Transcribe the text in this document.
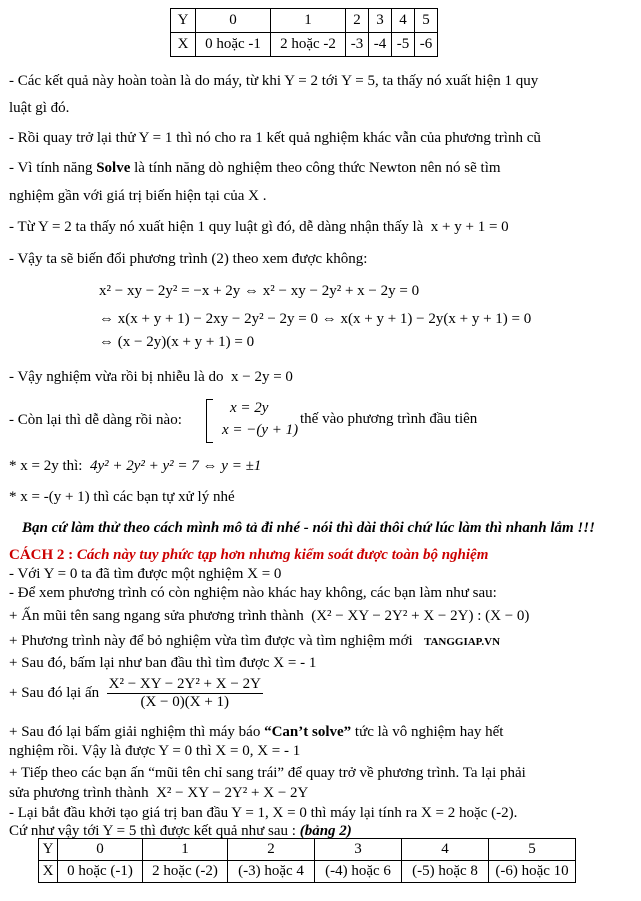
Y	0	1	2	3	4	5
X	0 hoặc -1	2 hoặc -2	-3	-4	-5	-6
- Các kết quả này hoàn toàn là do máy, từ khi Y = 2 tới Y = 5, ta thấy nó xuất hiện 1 quy
luật gì đó.
- Rồi quay trở lại thử Y = 1 thì nó cho ra 1 kết quả nghiệm khác vẫn của phương trình cũ
- Vì tính năng Solve là tính năng dò nghiệm theo công thức Newton nên nó sẽ tìm
nghiệm gần với giá trị biến hiện tại của X .
- Từ Y = 2 ta thấy nó xuất hiện 1 quy luật gì đó, dễ dàng nhận thấy là x + y + 1 = 0
- Vậy ta sẽ biến đổi phương trình (2) theo xem được không:
x² − xy − 2y² = −x + 2y ⇔ x² − xy − 2y² + x − 2y = 0
⇔ x(x + y + 1) − 2xy − 2y² − 2y = 0 ⇔ x(x + y + 1) − 2y(x + y + 1) = 0
⇔ (x − 2y)(x + y + 1) = 0
- Vậy nghiệm vừa rồi bị nhiễu là do x − 2y = 0
- Còn lại thì dễ dàng rồi nào:
x = 2y
x = −(y + 1)
thế vào phương trình đầu tiên
* x = 2y thì: 4y² + 2y² + y² = 7 ⇔ y = ±1
* x = -(y + 1) thì các bạn tự xử lý nhé
Bạn cứ làm thử theo cách mình mô tả đi nhé - nói thì dài thôi chứ lúc làm thì nhanh lắm !!!
CÁCH 2 : Cách này tuy phức tạp hơn nhưng kiểm soát được toàn bộ nghiệm
- Với Y = 0 ta đã tìm được một nghiệm X = 0
- Để xem phương trình có còn nghiệm nào khác hay không, các bạn làm như sau:
+ Ấn mũi tên sang ngang sửa phương trình thành (X² − XY − 2Y² + X − 2Y) : (X − 0)
+ Phương trình này để bỏ nghiệm vừa tìm được và tìm nghiệm mới TANGGIAP.VN
+ Sau đó, bấm lại như ban đầu thì tìm được X = - 1
+ Sau đó lại ấn $\frac{\text{X² − XY − 2Y² + X − 2Y}}{(X - 0)(X + 1)}$
+ Sau đó lại bấm giải nghiệm thì máy báo “Can’t solve” tức là vô nghiệm hay hết
nghiệm rồi. Vậy là được Y = 0 thì X = 0, X = - 1
+ Tiếp theo các bạn ấn “mũi tên chỉ sang trái” để quay trở về phương trình. Ta lại phải
sửa phương trình thành X² − XY − 2Y² + X − 2Y
- Lại bắt đầu khởi tạo giá trị ban đầu Y = 1, X = 0 thì máy lại tính ra X = 2 hoặc (-2).
Cứ như vậy tới Y = 5 thì được kết quả như sau : (bảng 2)
Y	0	1	2	3	4	5
X	0 hoặc (-1)	2 hoặc (-2)	(-3) hoặc 4	(-4) hoặc 6	(-5) hoặc 8	(-6) hoặc 10
